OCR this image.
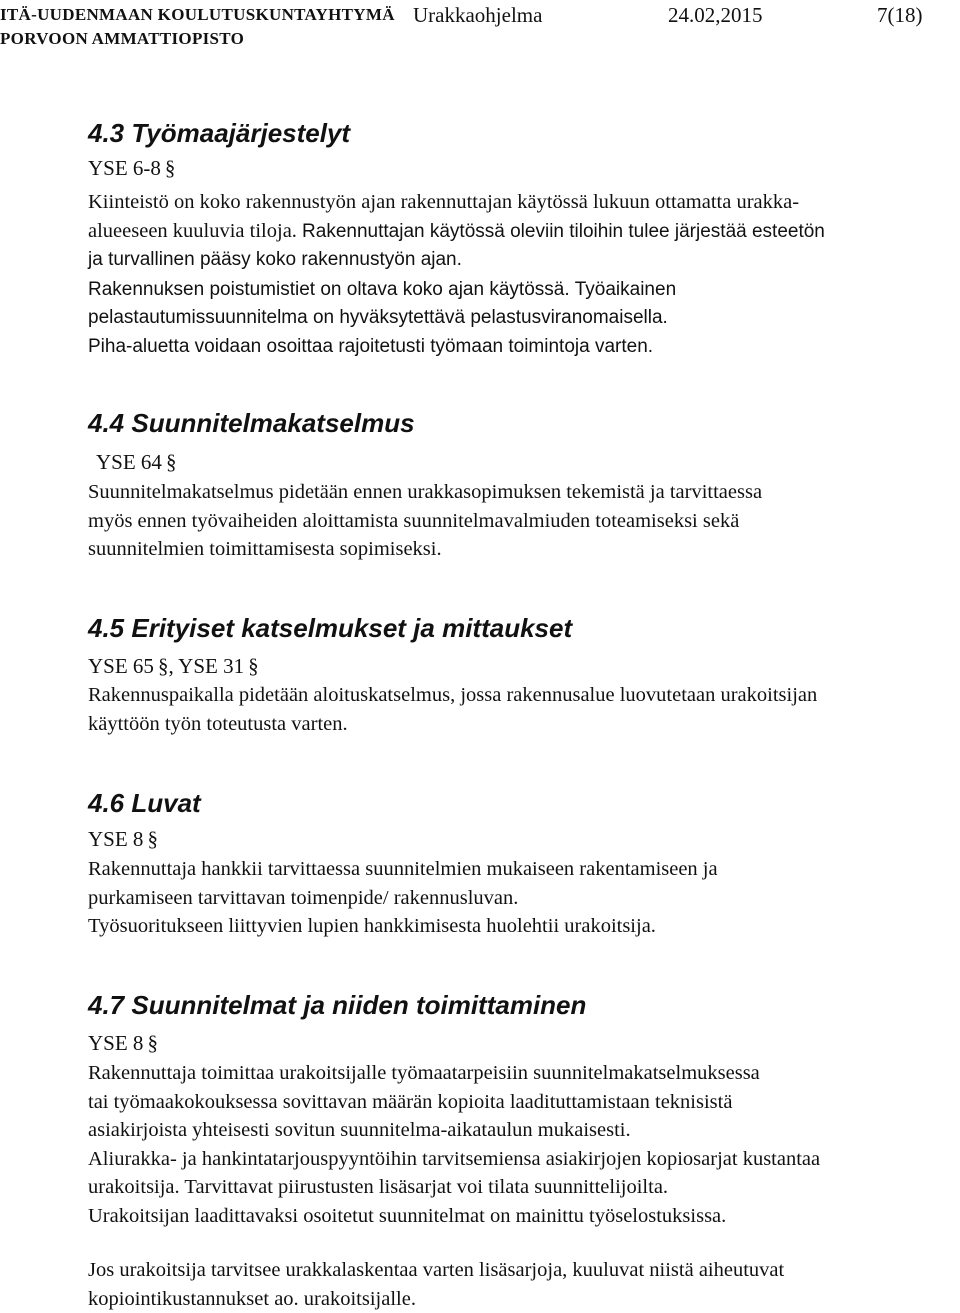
ITÄ-UUDENMAAN KOULUTUSKUNTAYHTYMÄ
PORVOON AMMATTIOPISTO
Urakkaohjelma	24.02,2015	7(18)
4.3 Työmaajärjestelyt
YSE 6-8 §
Kiinteistö on koko rakennustyön ajan rakennuttajan käytössä lukuun ottamatta urakka-
alueeseen kuuluvia tiloja. Rakennuttajan käytössä oleviin tiloihin tulee järjestää esteetön
ja turvallinen pääsy koko rakennustyön ajan.
Rakennuksen poistumistiet on oltava koko ajan käytössä. Työaikainen
pelastautumissuunnitelma on hyväksytettävä pelastusviranomaisella.
Piha-aluetta voidaan osoittaa rajoitetusti työmaan toimintoja varten.
4.4 Suunnitelmakatselmus
YSE 64 §
Suunnitelmakatselmus pidetään ennen urakkasopimuksen tekemistä ja tarvittaessa
myös ennen työvaiheiden aloittamista suunnitelmavalmiuden toteamiseksi sekä
suunnitelmien toimittamisesta sopimiseksi.
4.5 Erityiset katselmukset ja mittaukset
YSE 65 §, YSE 31 §
Rakennuspaikalla pidetään aloituskatselmus, jossa rakennusalue luovutetaan urakoitsijan
käyttöön työn toteutusta varten.
4.6 Luvat
YSE 8 §
Rakennuttaja hankkii tarvittaessa suunnitelmien mukaiseen rakentamiseen ja
purkamiseen tarvittavan toimenpide/ rakennusluvan.
Työsuoritukseen liittyvien lupien hankkimisesta huolehtii urakoitsija.
4.7 Suunnitelmat ja niiden toimittaminen
YSE 8 §
Rakennuttaja toimittaa urakoitsijalle työmaatarpeisiin suunnitelmakatselmuksessa
tai työmaakokouksessa sovittavan määrän kopioita laadituttamistaan teknisistä
asiakirjoista yhteisesti sovitun suunnitelma-aikataulun mukaisesti.
Aliurakka- ja hankintatarjouspyyntöihin tarvitsemiensa asiakirjojen kopiosarjat kustantaa
urakoitsija. Tarvittavat piirustusten lisäsarjat voi tilata suunnittelijoilta.
Urakoitsijan laadittavaksi osoitetut suunnitelmat on mainittu työselostuksissa.
Jos urakoitsija tarvitsee urakkalaskentaa varten lisäsarjoja, kuuluvat niistä aiheutuvat
kopiointikustannukset ao. urakoitsijalle.
